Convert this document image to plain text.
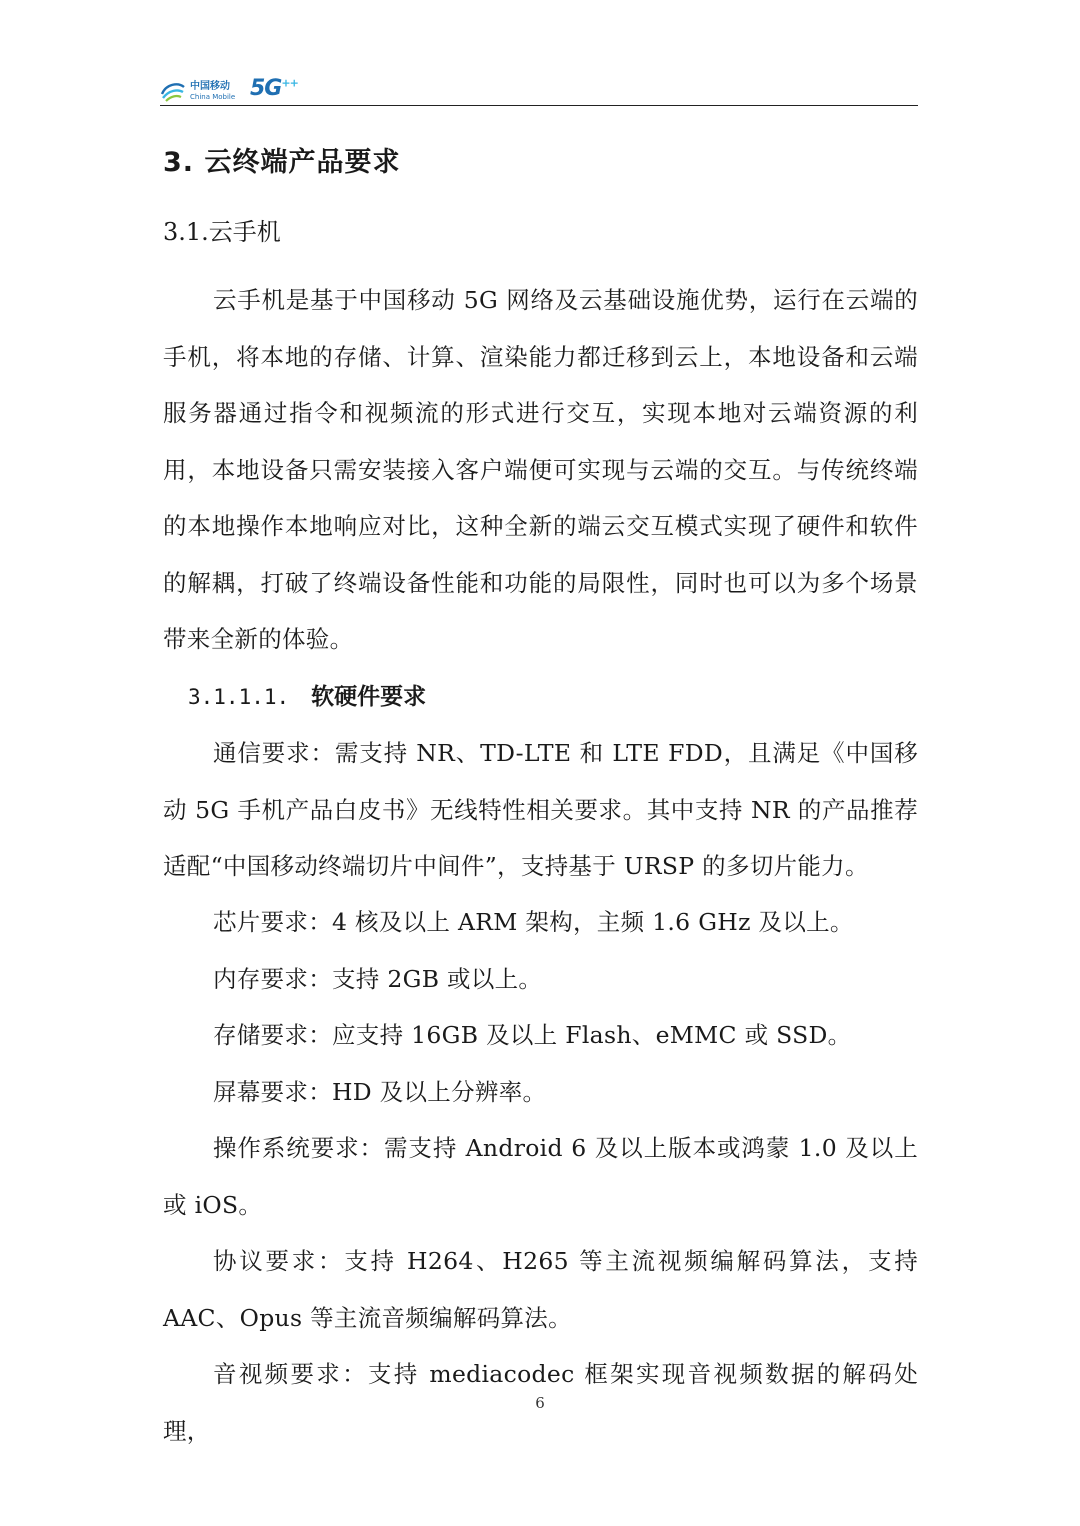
中国移动
China Mobile 5G++
3. 云终端产品要求
3.1.云手机
云手机是基于中国移动 5G 网络及云基础设施优势，运行在云端的手机，将本地的存储、计算、渲染能力都迁移到云上，本地设备和云端服务器通过指令和视频流的形式进行交互，实现本地对云端资源的利用，本地设备只需安装接入客户端便可实现与云端的交互。与传统终端的本地操作本地响应对比，这种全新的端云交互模式实现了硬件和软件的解耦，打破了终端设备性能和功能的局限性，同时也可以为多个场景带来全新的体验。
3.1.1.1. 软硬件要求
通信要求：需支持 NR、TD-LTE 和 LTE FDD，且满足《中国移动 5G 手机产品白皮书》无线特性相关要求。其中支持 NR 的产品推荐适配“中国移动终端切片中间件”，支持基于 URSP 的多切片能力。
芯片要求：4 核及以上 ARM 架构，主频 1.6 GHz 及以上。
内存要求：支持 2GB 或以上。
存储要求：应支持 16GB 及以上 Flash、eMMC 或 SSD。
屏幕要求：HD 及以上分辨率。
操作系统要求：需支持 Android 6 及以上版本或鸿蒙 1.0 及以上或 iOS。
协议要求：支持 H264、H265 等主流视频编解码算法，支持 AAC、Opus 等主流音频编解码算法。
音视频要求：支持 mediacodec 框架实现音视频数据的解码处理，
6
